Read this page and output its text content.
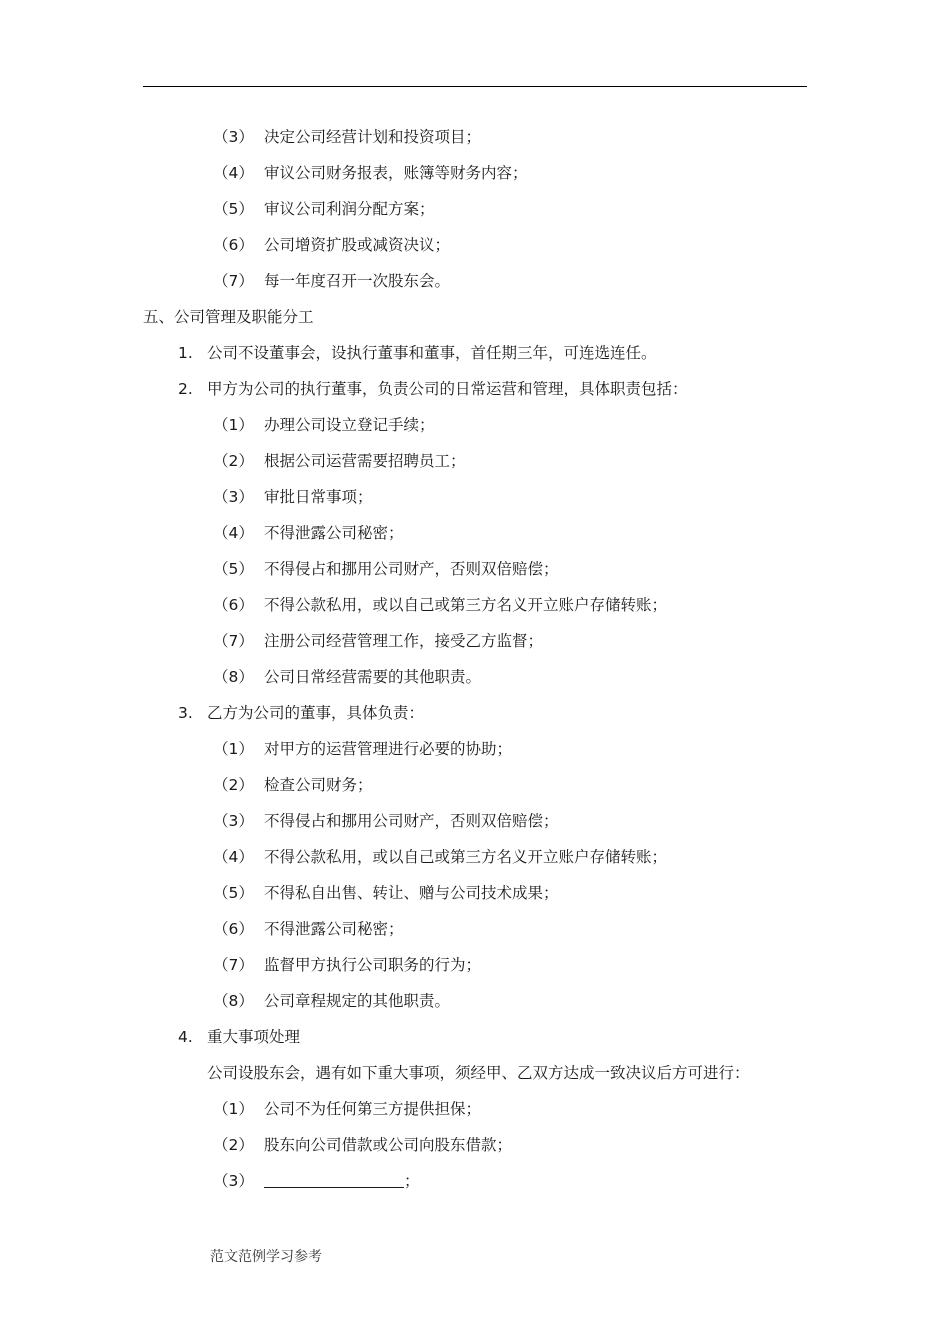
（3） 决定公司经营计划和投资项目；
（4） 审议公司财务报表，账簿等财务内容；
（5） 审议公司利润分配方案；
（6） 公司增资扩股或减资决议；
（7） 每一年度召开一次股东会。
五、公司管理及职能分工
1. 公司不设董事会，设执行董事和董事，首任期三年，可连选连任。
2. 甲方为公司的执行董事，负责公司的日常运营和管理，具体职责包括：
（1） 办理公司设立登记手续；
（2） 根据公司运营需要招聘员工；
（3） 审批日常事项；
（4） 不得泄露公司秘密；
（5） 不得侵占和挪用公司财产，否则双倍赔偿；
（6） 不得公款私用，或以自己或第三方名义开立账户存储转账；
（7） 注册公司经营管理工作，接受乙方监督；
（8） 公司日常经营需要的其他职责。
3. 乙方为公司的董事，具体负责：
（1） 对甲方的运营管理进行必要的协助；
（2） 检查公司财务；
（3） 不得侵占和挪用公司财产，否则双倍赔偿；
（4） 不得公款私用，或以自己或第三方名义开立账户存储转账；
（5） 不得私自出售、转让、赠与公司技术成果；
（6） 不得泄露公司秘密；
（7） 监督甲方执行公司职务的行为；
（8） 公司章程规定的其他职责。
4. 重大事项处理
公司设股东会，遇有如下重大事项，须经甲、乙双方达成一致决议后方可进行：
（1） 公司不为任何第三方提供担保；
（2） 股东向公司借款或公司向股东借款；
（3）	；
范文范例学习参考
